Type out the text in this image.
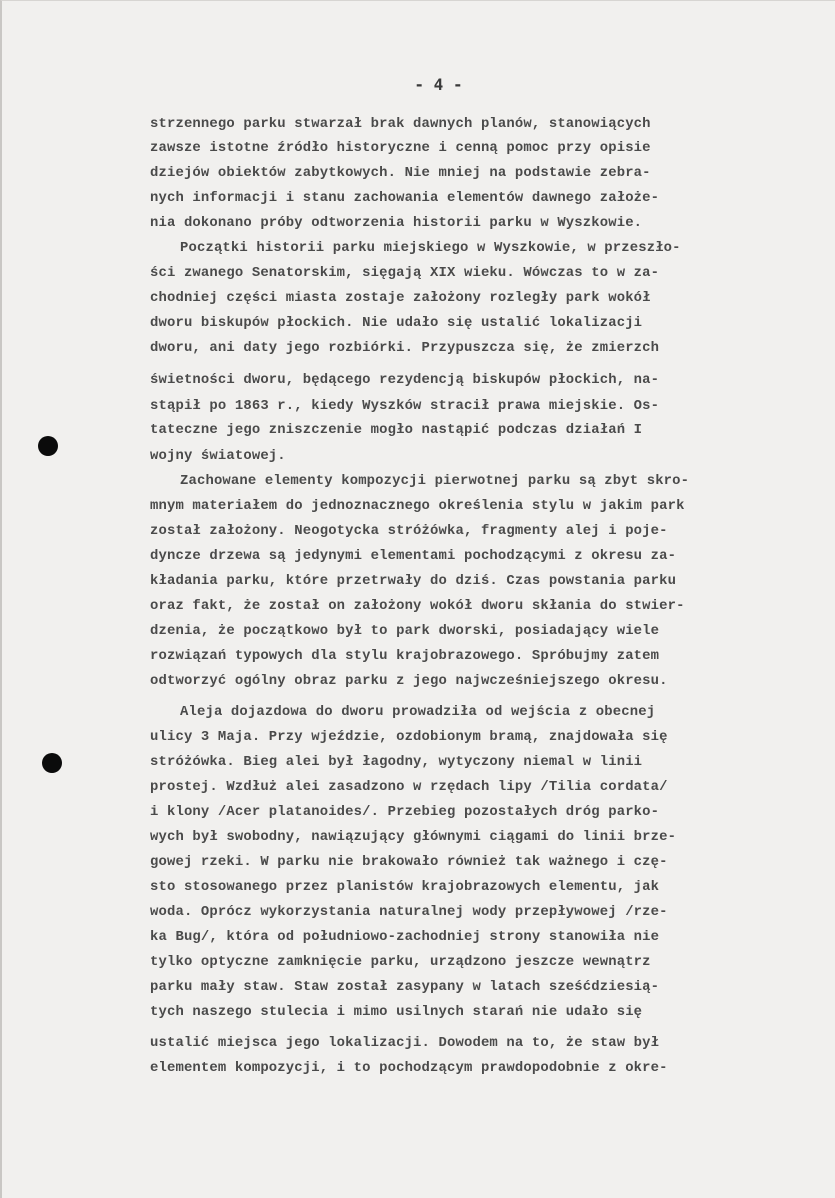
- 4 -
strzennego parku stwarzał brak dawnych planów, stanowiących
zawsze istotne źródło historyczne i cenną pomoc przy opisie
dziejów obiektów zabytkowych. Nie mniej na podstawie zebra-
nych informacji i stanu zachowania elementów dawnego założe-
nia dokonano próby odtworzenia historii parku w Wyszkowie.
Początki historii parku miejskiego w Wyszkowie, w przeszło-
ści zwanego Senatorskim, sięgają XIX wieku. Wówczas to w za-
chodniej części miasta zostaje założony rozległy park wokół
dworu biskupów płockich. Nie udało się ustalić lokalizacji
dworu, ani daty jego rozbiórki. Przypuszcza się, że zmierzch
świetności dworu, będącego rezydencją biskupów płockich, na-
stąpił po 1863 r., kiedy Wyszków stracił prawa miejskie. Os-
tateczne jego zniszczenie mogło nastąpić podczas działań I
wojny światowej.
Zachowane elementy kompozycji pierwotnej parku są zbyt skro-
mnym materiałem do jednoznacznego określenia stylu w jakim park
został założony. Neogotycka stróżówka, fragmenty alej i poje-
dyncze drzewa są jedynymi elementami pochodzącymi z okresu za-
kładania parku, które przetrwały do dziś. Czas powstania parku
oraz fakt, że został on założony wokół dworu skłania do stwier-
dzenia, że początkowo był to park dworski, posiadający wiele
rozwiązań typowych dla stylu krajobrazowego. Spróbujmy zatem
odtworzyć ogólny obraz parku z jego najwcześniejszego okresu.
Aleja dojazdowa do dworu prowadziła od wejścia z obecnej
ulicy 3 Maja. Przy wjeździe, ozdobionym bramą, znajdowała się
stróżówka. Bieg alei był łagodny, wytyczony niemal w linii
prostej. Wzdłuż alei zasadzono w rzędach lipy /Tilia cordata/
i klony /Acer platanoides/. Przebieg pozostałych dróg parko-
wych był swobodny, nawiązujący głównymi ciągami do linii brze-
gowej rzeki. W parku nie brakowało również tak ważnego i czę-
sto stosowanego przez planistów krajobrazowych elementu, jak
woda. Oprócz wykorzystania naturalnej wody przepływowej /rze-
ka Bug/, która od południowo-zachodniej strony stanowiła nie
tylko optyczne zamknięcie parku, urządzono jeszcze wewnątrz
parku mały staw. Staw został zasypany w latach sześćdziesią-
tych naszego stulecia i mimo usilnych starań nie udało się
ustalić miejsca jego lokalizacji. Dowodem na to, że staw był
elementem kompozycji, i to pochodzącym prawdopodobnie z okre-
